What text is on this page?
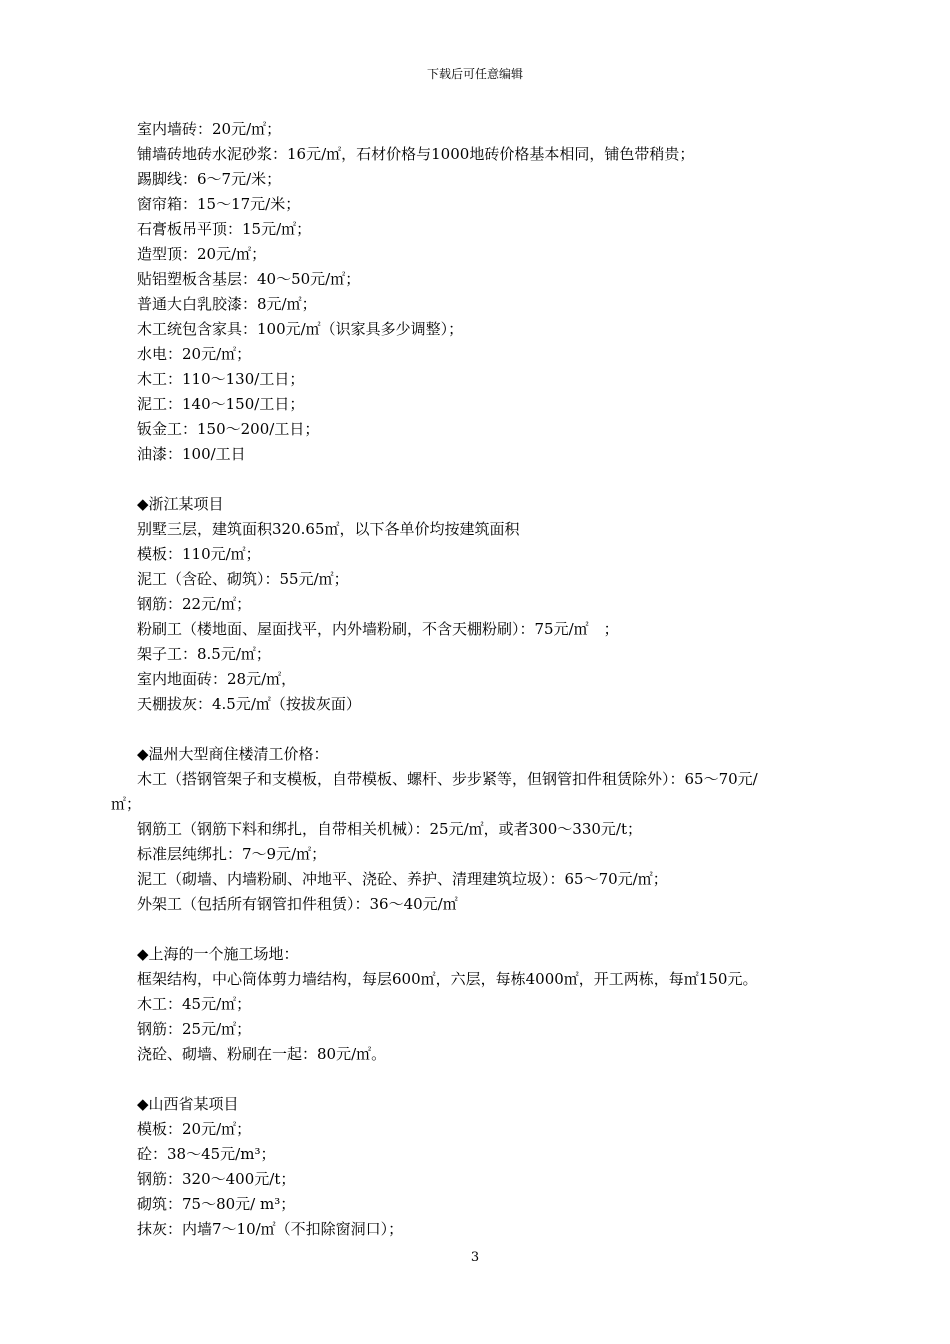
下载后可任意编辑
室内墙砖：20元/㎡；
铺墙砖地砖水泥砂浆：16元/㎡，石材价格与1000地砖价格基本相同，铺色带稍贵；
踢脚线：6～7元/米；
窗帘箱：15～17元/米；
石膏板吊平顶：15元/㎡；
造型顶：20元/㎡；
贴铝塑板含基层：40～50元/㎡；
普通大白乳胶漆：8元/㎡；
木工统包含家具：100元/㎡（识家具多少调整）；
水电：20元/㎡；
木工：110～130/工日；
泥工：140～150/工日；
钣金工：150～200/工日；
油漆：100/工日
◆浙江某项目
别墅三层，建筑面积320.65㎡，以下各单价均按建筑面积
模板：110元/㎡；
泥工（含砼、砌筑）：55元/㎡；
钢筋：22元/㎡；
粉刷工（楼地面、屋面找平，内外墙粉刷，不含天棚粉刷）：75元/㎡　；
架子工：8.5元/㎡；
室内地面砖：28元/㎡，
天棚拔灰：4.5元/㎡（按拔灰面）
◆温州大型商住楼清工价格：
木工（搭钢管架子和支模板，自带模板、螺杆、步步紧等，但钢管扣件租赁除外）：65～70元/
㎡；
钢筋工（钢筋下料和绑扎，自带相关机械）：25元/㎡，或者300～330元/t；
标准层纯绑扎：7～9元/㎡；
泥工（砌墙、内墙粉刷、冲地平、浇砼、养护、清理建筑垃圾）：65～70元/㎡；
外架工（包括所有钢管扣件租赁）：36～40元/㎡
◆上海的一个施工场地：
框架结构，中心筒体剪力墙结构，每层600㎡，六层，每栋4000㎡，开工两栋，每㎡150元。
木工：45元/㎡；
钢筋：25元/㎡；
浇砼、砌墙、粉刷在一起：80元/㎡。
◆山西省某项目
模板：20元/㎡；
砼：38～45元/m³；
钢筋：320～400元/t；
砌筑：75～80元/ m³；
抹灰：内墙7～10/㎡（不扣除窗洞口）；
3
